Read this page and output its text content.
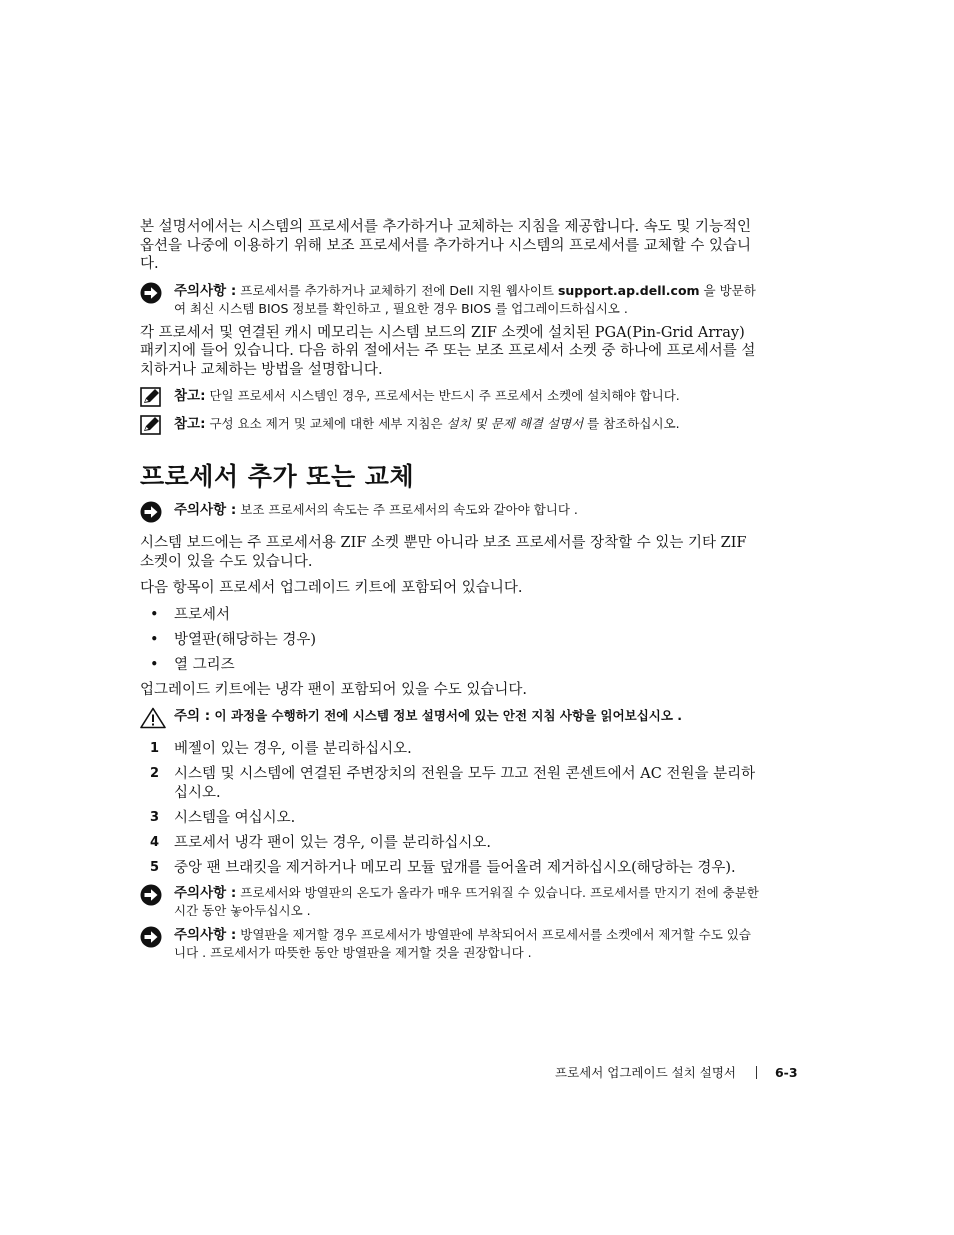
본 설명서에서는 시스템의 프로세서를 추가하거나 교체하는 지침을 제공합니다. 속도 및 기능적인 옵션을 나중에 이용하기 위해 보조 프로세서를 추가하거나 시스템의 프로세서를 교체할 수 있습니다.

주의사항 : 프로세서를 추가하거나 교체하기 전에 Dell 지원 웹사이트 support.ap.dell.com 을 방문하여 최신 시스템 BIOS 정보를 확인하고 , 필요한 경우 BIOS 를 업그레이드하십시오 .

각 프로세서 및 연결된 캐시 메모리는 시스템 보드의 ZIF 소켓에 설치된 PGA(Pin-Grid Array) 패키지에 들어 있습니다. 다음 하위 절에서는 주 또는 보조 프로세서 소켓 중 하나에 프로세서를 설치하거나 교체하는 방법을 설명합니다.

참고: 단일 프로세서 시스템인 경우, 프로세서는 반드시 주 프로세서 소켓에 설치해야 합니다.
참고: 구성 요소 제거 및 교체에 대한 세부 지침은 설치 및 문제 해결 설명서 를 참조하십시오.
프로세서 추가 또는 교체
주의사항 : 보조 프로세서의 속도는 주 프로세서의 속도와 같아야 합니다 .

시스템 보드에는 주 프로세서용 ZIF 소켓 뿐만 아니라 보조 프로세서를 장착할 수 있는 기타 ZIF 소켓이 있을 수도 있습니다.

다음 항목이 프로세서 업그레이드 키트에 포함되어 있습니다.

• 프로세서
• 방열판(해당하는 경우)
• 열 그리즈

업그레이드 키트에는 냉각 팬이 포함되어 있을 수도 있습니다.

주의 : 이 과정을 수행하기 전에 시스템 정보 설명서에 있는 안전 지침 사항을 읽어보십시오 .
1 베젤이 있는 경우, 이를 분리하십시오.
2 시스템 및 시스템에 연결된 주변장치의 전원을 모두 끄고 전원 콘센트에서 AC 전원을 분리하십시오.
3 시스템을 여십시오.
4 프로세서 냉각 팬이 있는 경우, 이를 분리하십시오.
5 중앙 팬 브래킷을 제거하거나 메모리 모듈 덮개를 들어올려 제거하십시오(해당하는 경우).
주의사항 : 프로세서와 방열판의 온도가 올라가 매우 뜨거워질 수 있습니다. 프로세서를 만지기 전에 충분한 시간 동안 놓아두십시오 .
주의사항 : 방열판을 제거할 경우 프로세서가 방열판에 부착되어서 프로세서를 소켓에서 제거할 수도 있습니다 . 프로세서가 따뜻한 동안 방열판을 제거할 것을 권장합니다 .
프로세서 업그레이드 설치 설명서	6-3
